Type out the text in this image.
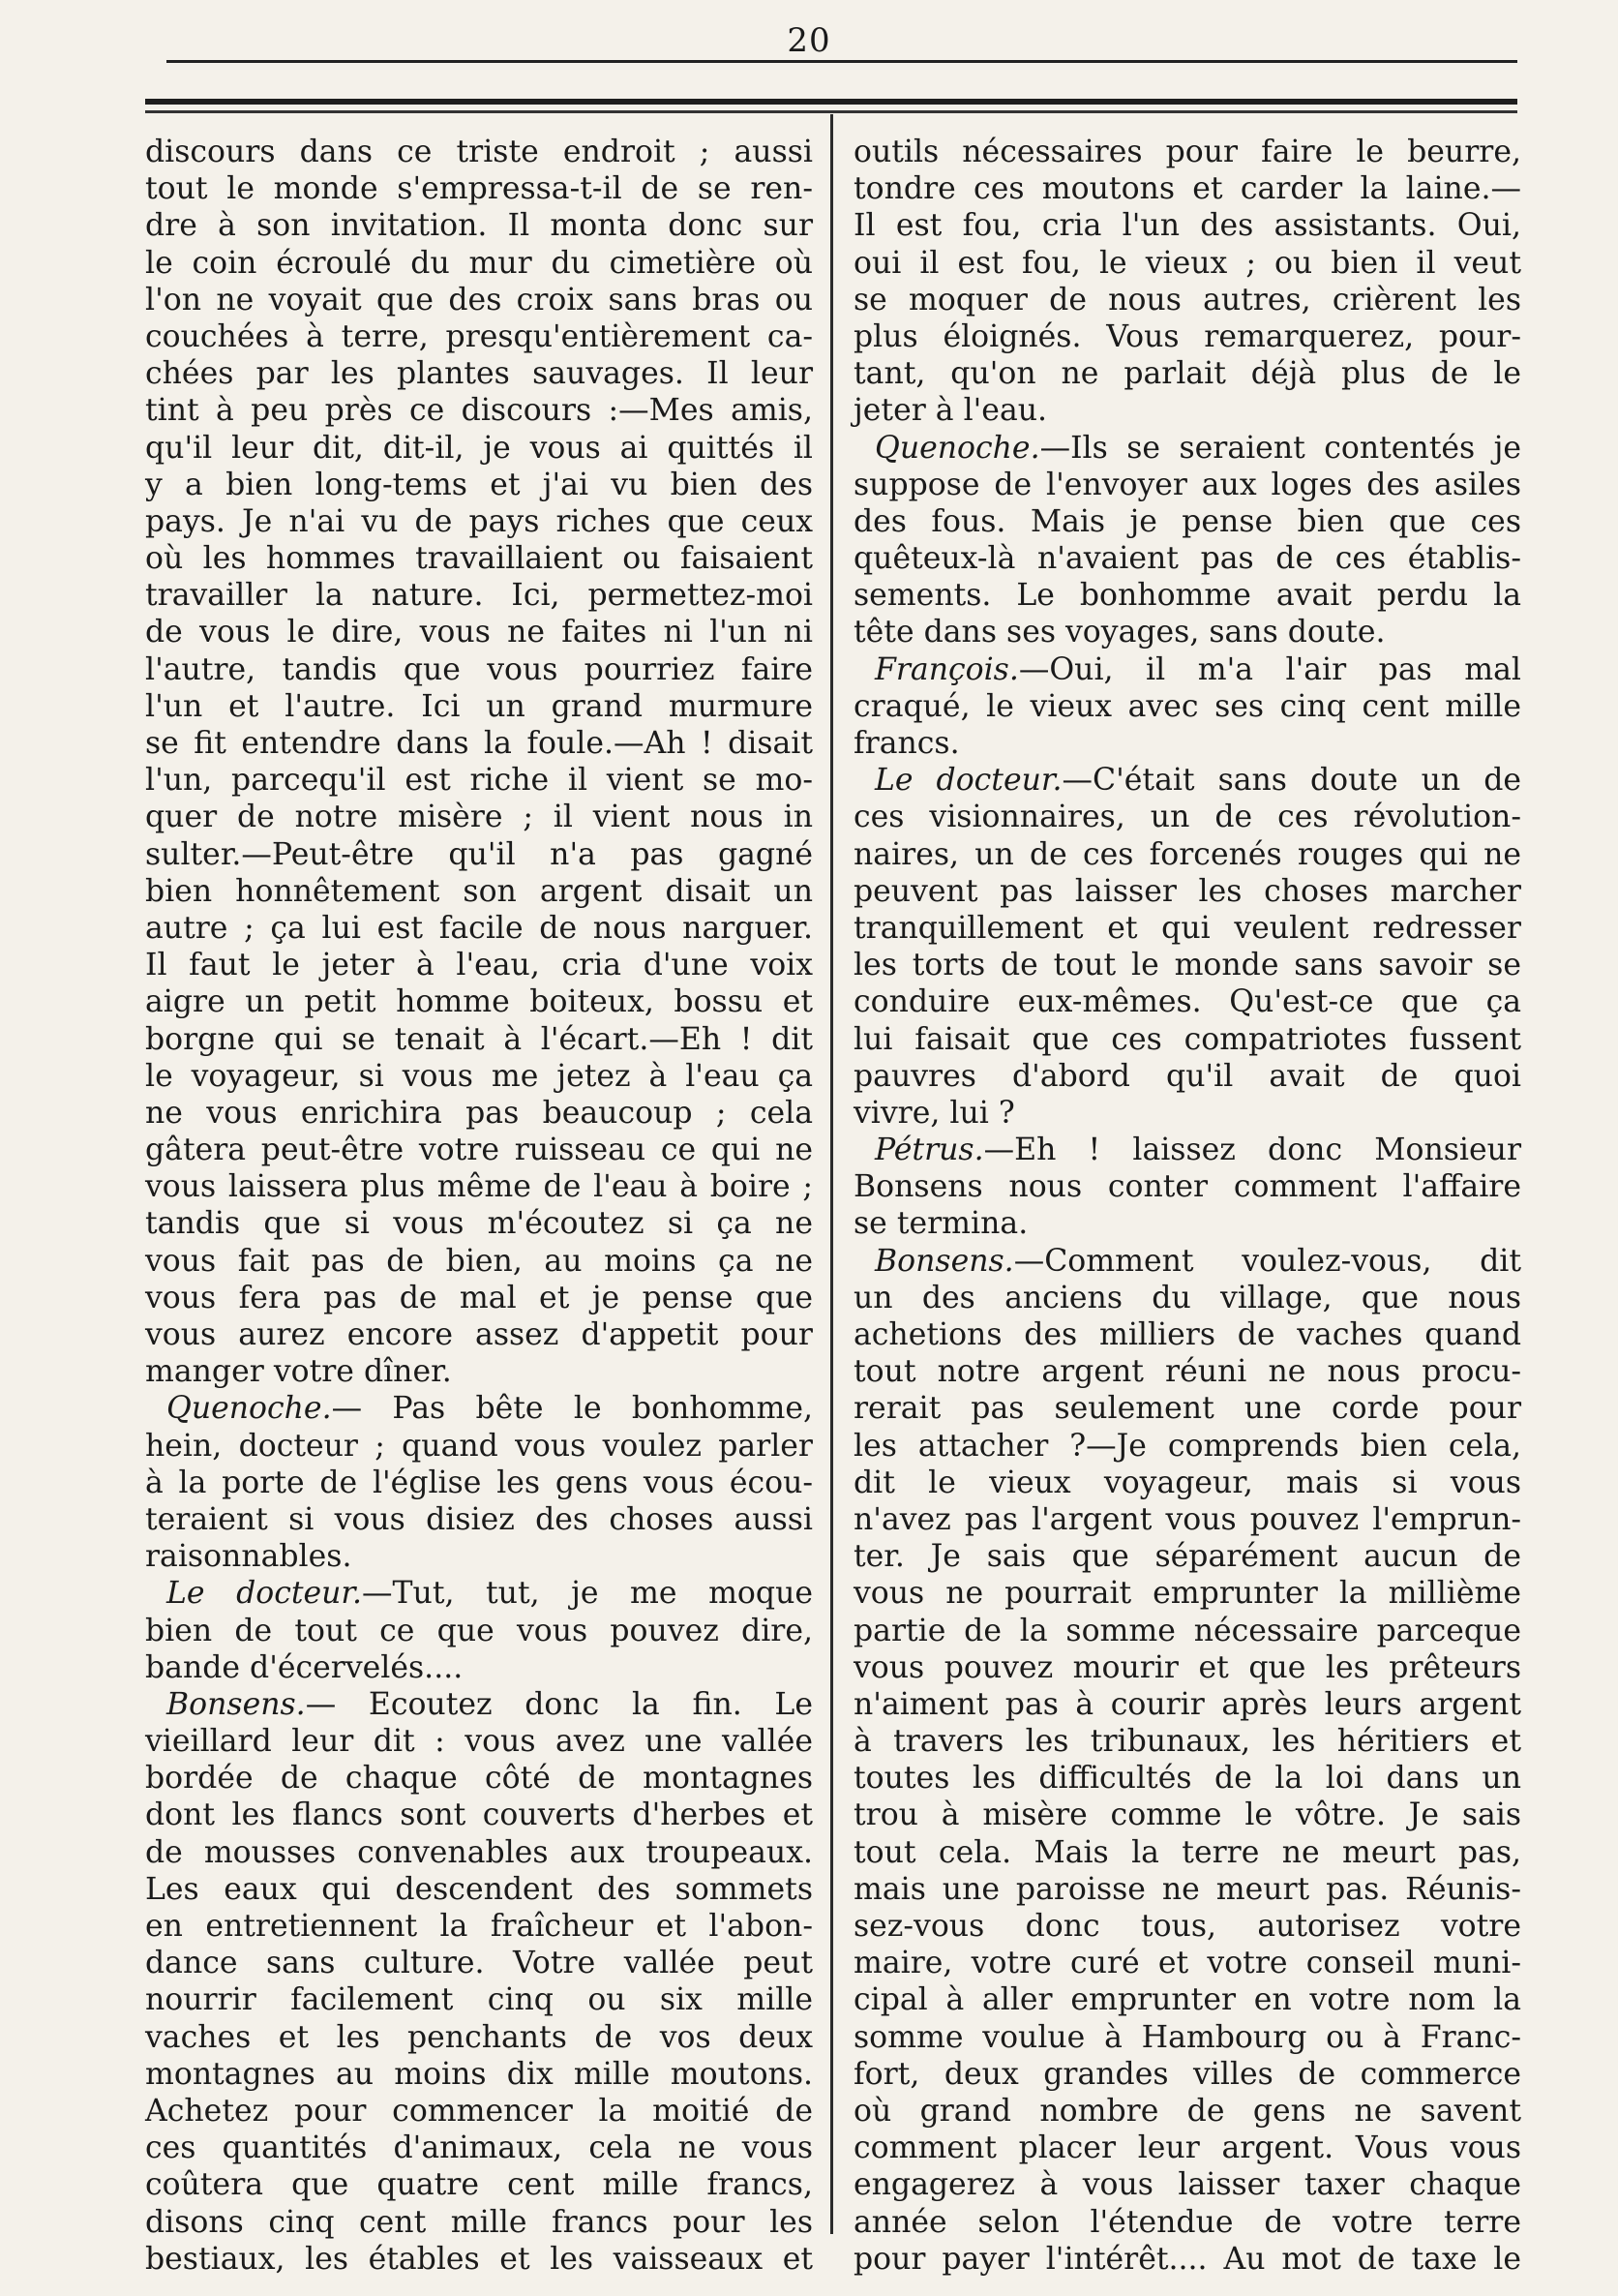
20
discours dans ce triste endroit ; aussi
tout le monde s'empressa-t-il de se ren-
dre à son invitation. Il monta donc sur
le coin écroulé du mur du cimetière où
l'on ne voyait que des croix sans bras ou
couchées à terre, presqu'entièrement ca-
chées par les plantes sauvages. Il leur
tint à peu près ce discours :—Mes amis,
qu'il leur dit, dit-il, je vous ai quittés il
y a bien long-tems et j'ai vu bien des
pays. Je n'ai vu de pays riches que ceux
où les hommes travaillaient ou faisaient
travailler la nature. Ici, permettez-moi
de vous le dire, vous ne faites ni l'un ni
l'autre, tandis que vous pourriez faire
l'un et l'autre. Ici un grand murmure
se fit entendre dans la foule.—Ah ! disait
l'un, parcequ'il est riche il vient se mo-
quer de notre misère ; il vient nous in
sulter.—Peut-être qu'il n'a pas gagné
bien honnêtement son argent disait un
autre ; ça lui est facile de nous narguer.
Il faut le jeter à l'eau, cria d'une voix
aigre un petit homme boiteux, bossu et
borgne qui se tenait à l'écart.—Eh ! dit
le voyageur, si vous me jetez à l'eau ça
ne vous enrichira pas beaucoup ; cela
gâtera peut-être votre ruisseau ce qui ne
vous laissera plus même de l'eau à boire ;
tandis que si vous m'écoutez si ça ne
vous fait pas de bien, au moins ça ne
vous fera pas de mal et je pense que
vous aurez encore assez d'appetit pour
manger votre dîner.
Quenoche.— Pas bête le bonhomme,
hein, docteur ; quand vous voulez parler
à la porte de l'église les gens vous écou-
teraient si vous disiez des choses aussi
raisonnables.
Le docteur.—Tut, tut, je me moque
bien de tout ce que vous pouvez dire,
bande d'écervelés....
Bonsens.— Ecoutez donc la fin. Le
vieillard leur dit : vous avez une vallée
bordée de chaque côté de montagnes
dont les flancs sont couverts d'herbes et
de mousses convenables aux troupeaux.
Les eaux qui descendent des sommets
en entretiennent la fraîcheur et l'abon-
dance sans culture. Votre vallée peut
nourrir facilement cinq ou six mille
vaches et les penchants de vos deux
montagnes au moins dix mille moutons.
Achetez pour commencer la moitié de
ces quantités d'animaux, cela ne vous
coûtera que quatre cent mille francs,
disons cinq cent mille francs pour les
bestiaux, les étables et les vaisseaux et
outils nécessaires pour faire le beurre,
tondre ces moutons et carder la laine.—
Il est fou, cria l'un des assistants. Oui,
oui il est fou, le vieux ; ou bien il veut
se moquer de nous autres, crièrent les
plus éloignés. Vous remarquerez, pour-
tant, qu'on ne parlait déjà plus de le
jeter à l'eau.
Quenoche.—Ils se seraient contentés je
suppose de l'envoyer aux loges des asiles
des fous. Mais je pense bien que ces
quêteux-là n'avaient pas de ces établis-
sements. Le bonhomme avait perdu la
tête dans ses voyages, sans doute.
François.—Oui, il m'a l'air pas mal
craqué, le vieux avec ses cinq cent mille
francs.
Le docteur.—C'était sans doute un de
ces visionnaires, un de ces révolution-
naires, un de ces forcenés rouges qui ne
peuvent pas laisser les choses marcher
tranquillement et qui veulent redresser
les torts de tout le monde sans savoir se
conduire eux-mêmes. Qu'est-ce que ça
lui faisait que ces compatriotes fussent
pauvres d'abord qu'il avait de quoi
vivre, lui ?
Pétrus.—Eh ! laissez donc Monsieur
Bonsens nous conter comment l'affaire
se termina.
Bonsens.—Comment voulez-vous, dit
un des anciens du village, que nous
achetions des milliers de vaches quand
tout notre argent réuni ne nous procu-
rerait pas seulement une corde pour
les attacher ?—Je comprends bien cela,
dit le vieux voyageur, mais si vous
n'avez pas l'argent vous pouvez l'emprun-
ter. Je sais que séparément aucun de
vous ne pourrait emprunter la millième
partie de la somme nécessaire parceque
vous pouvez mourir et que les prêteurs
n'aiment pas à courir après leurs argent
à travers les tribunaux, les héritiers et
toutes les difficultés de la loi dans un
trou à misère comme le vôtre. Je sais
tout cela. Mais la terre ne meurt pas,
mais une paroisse ne meurt pas. Réunis-
sez-vous donc tous, autorisez votre
maire, votre curé et votre conseil muni-
cipal à aller emprunter en votre nom la
somme voulue à Hambourg ou à Franc-
fort, deux grandes villes de commerce
où grand nombre de gens ne savent
comment placer leur argent. Vous vous
engagerez à vous laisser taxer chaque
année selon l'étendue de votre terre
pour payer l'intérêt.... Au mot de taxe le
